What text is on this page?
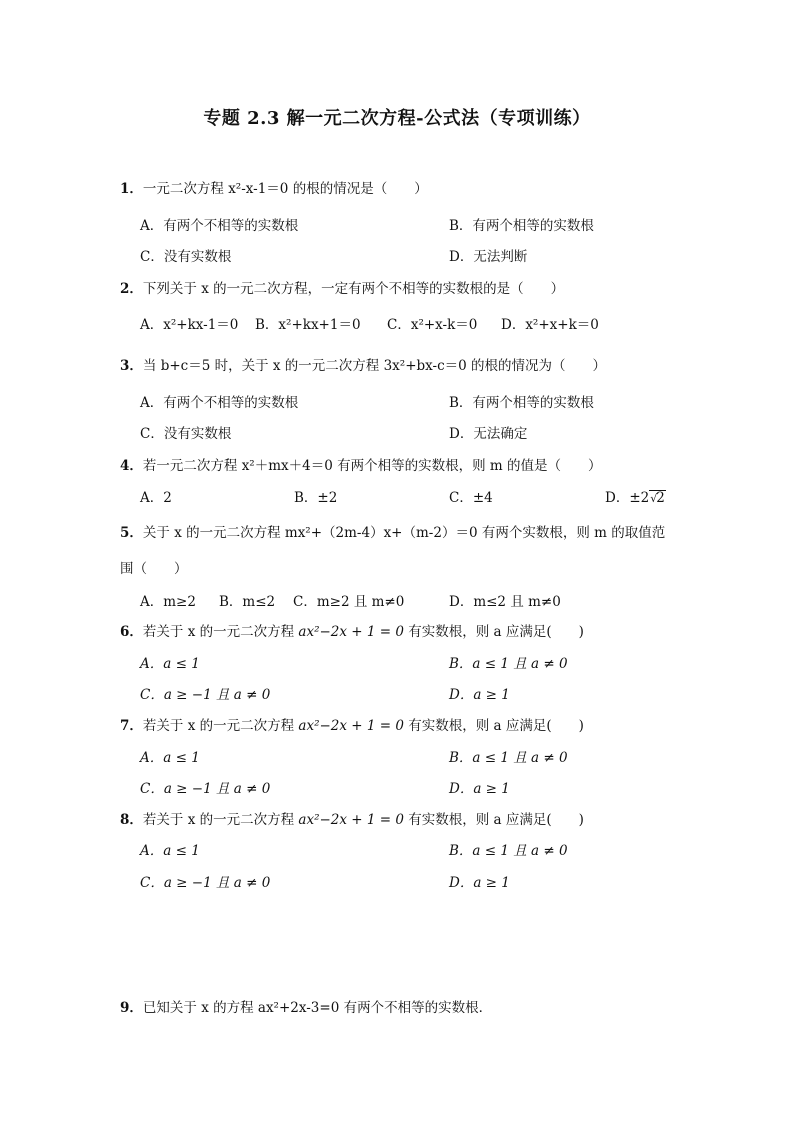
专题 2.3 解一元二次方程-公式法（专项训练）
1．一元二次方程 x²-x-1＝0 的根的情况是（　　）
A．有两个不相等的实数根	B．有两个相等的实数根
C．没有实数根	D．无法判断
2．下列关于 x 的一元二次方程，一定有两个不相等的实数根的是（　　）
A．x²+kx-1＝0 B．x²+kx+1＝0 C．x²+x-k＝0 D．x²+x+k＝0
3．当 b+c＝5 时，关于 x 的一元二次方程 3x²+bx-c＝0 的根的情况为（　　）
A．有两个不相等的实数根	B．有两个相等的实数根
C．没有实数根	D．无法确定
4．若一元二次方程 x²＋mx＋4＝0 有两个相等的实数根，则 m 的值是（　　）
A．2	B．±2	C．±4	D．±2√2
5．关于 x 的一元二次方程 mx²+（2m-4）x+（m-2）＝0 有两个实数根，则 m 的取值范
围（　　）
A．m≥2 B．m≤2 C．m≥2 且 m≠0	D．m≤2 且 m≠0
6．若关于 x 的一元二次方程 ax²−2x + 1 = 0 有实数根，则 a 应满足(　　)
A．a ≤ 1	B．a ≤ 1 且 a ≠ 0
C．a ≥ −1 且 a ≠ 0	D．a ≥ 1
7．若关于 x 的一元二次方程 ax²−2x + 1 = 0 有实数根，则 a 应满足(　　)
A．a ≤ 1	B．a ≤ 1 且 a ≠ 0
C．a ≥ −1 且 a ≠ 0	D．a ≥ 1
8．若关于 x 的一元二次方程 ax²−2x + 1 = 0 有实数根，则 a 应满足(　　)
A．a ≤ 1	B．a ≤ 1 且 a ≠ 0
C．a ≥ −1 且 a ≠ 0	D．a ≥ 1
9．已知关于 x 的方程 ax²+2x-3=0 有两个不相等的实数根．
